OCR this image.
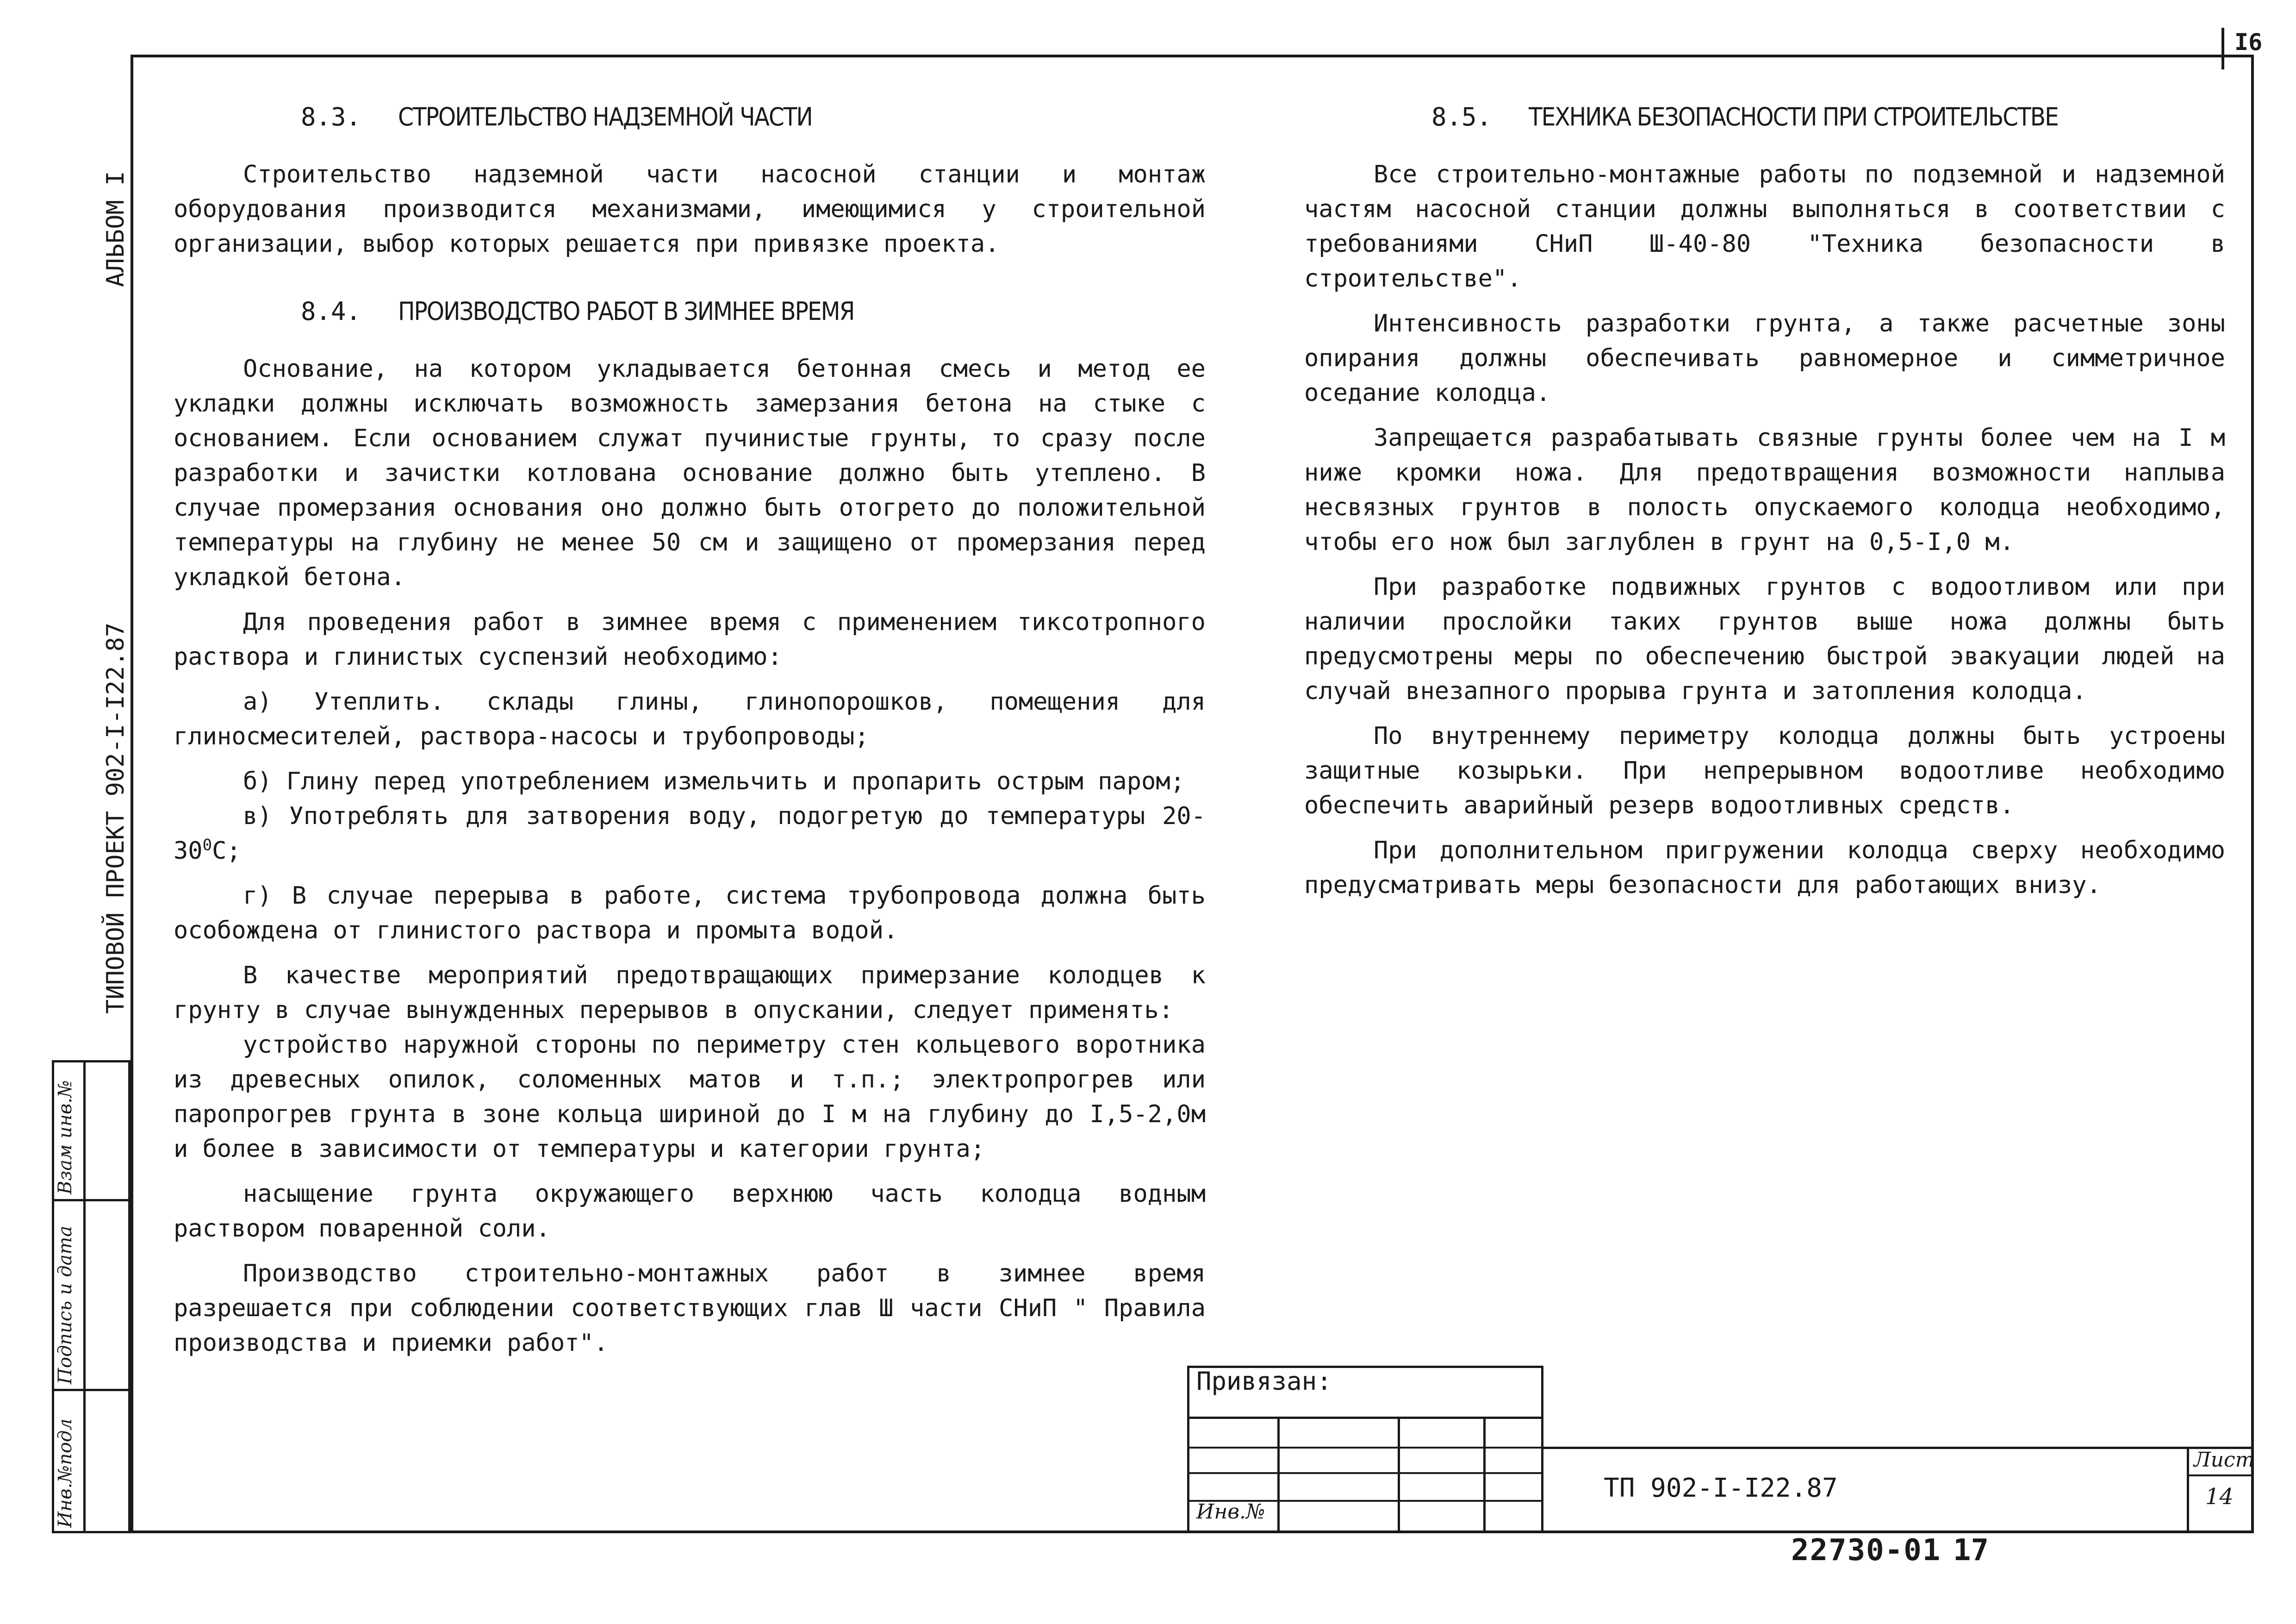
I6
АЛЬБОМ I
ТИПОВОЙ ПРОЕКТ 902-I-I22.87
Инв.№подл
Подпись и дата
Взам инв.№
8.3. СТРОИТЕЛЬСТВО НАДЗЕМНОЙ ЧАСТИ

Строительство надземной части насосной станции и монтаж оборудования производится механизмами, имеющимися у строительной организации, выбор которых решается при привязке проекта.

8.4. ПРОИЗВОДСТВО РАБОТ В ЗИМНЕЕ ВРЕМЯ

Основание, на котором укладывается бетонная смесь и метод ее укладки должны исключать возможность замерзания бетона на стыке с основанием. Если основанием служат пучинистые грунты, то сразу после разработки и зачистки котлована основание должно быть утеплено. В случае промерзания основания оно должно быть отогрето до положительной температуры на глубину не менее 50 см и защищено от промерзания перед укладкой бетона.

Для проведения работ в зимнее время с применением тиксотропного раствора и глинистых суспензий необходимо:

а) Утеплить. склады глины, глинопорошков, помещения для глиносмесителей, раствора-насосы и трубопроводы;

б) Глину перед употреблением измельчить и пропарить острым паром;

в) Употреблять для затворения воду, подогретую до температуры $20-30^0С$;

г) В случае перерыва в работе, система трубопровода должна быть особождена от глинистого раствора и промыта водой.

В качестве мероприятий предотвращающих примерзание колодцев к грунту в случае вынужденных перерывов в опускании, следует применять:

устройство наружной стороны по периметру стен кольцевого воротника из древесных опилок, соломенных матов и т.п.; электропрогрев или паропрогрев грунта в зоне кольца шириной до I м на глубину до I,5-2,0м и более в зависимости от температуры и категории грунта;

насыщение грунта окружающего верхнюю часть колодца водным раствором поваренной соли.

Производство строительно-монтажных работ в зимнее время разрешается при соблюдении соответствующих глав Ш части СНиП " Правила производства и приемки работ".

8.5. ТЕХНИКА БЕЗОПАСНОСТИ ПРИ СТРОИТЕЛЬСТВЕ

Все строительно-монтажные работы по подземной и надземной частям насосной станции должны выполняться в соответствии с требованиями СНиП Ш-40-80 "Техника безопасности в строительстве".

Интенсивность разработки грунта, а также расчетные зоны опирания должны обеспечивать равномерное и симметричное оседание колодца.

Запрещается разрабатывать связные грунты более чем на I м ниже кромки ножа. Для предотвращения возможности наплыва несвязных грунтов в полость опускаемого колодца необходимо, чтобы его нож был заглублен в грунт на 0,5-I,0 м.

При разработке подвижных грунтов с водоотливом или при наличии прослойки таких грунтов выше ножа должны быть предусмотрены меры по обеспечению быстрой эвакуации людей на случай внезапного прорыва грунта и затопления колодца.

По внутреннему периметру колодца должны быть устроены защитные козырьки. При непрерывном водоотливе необходимо обеспечить аварийный резерв водоотливных средств.

При дополнительном пригружении колодца сверху необходимо предусматривать меры безопасности для работающих внизу.

Привязан:
Инв.№
ТП 902-I-I22.87
Лист
14
22730-01 17
